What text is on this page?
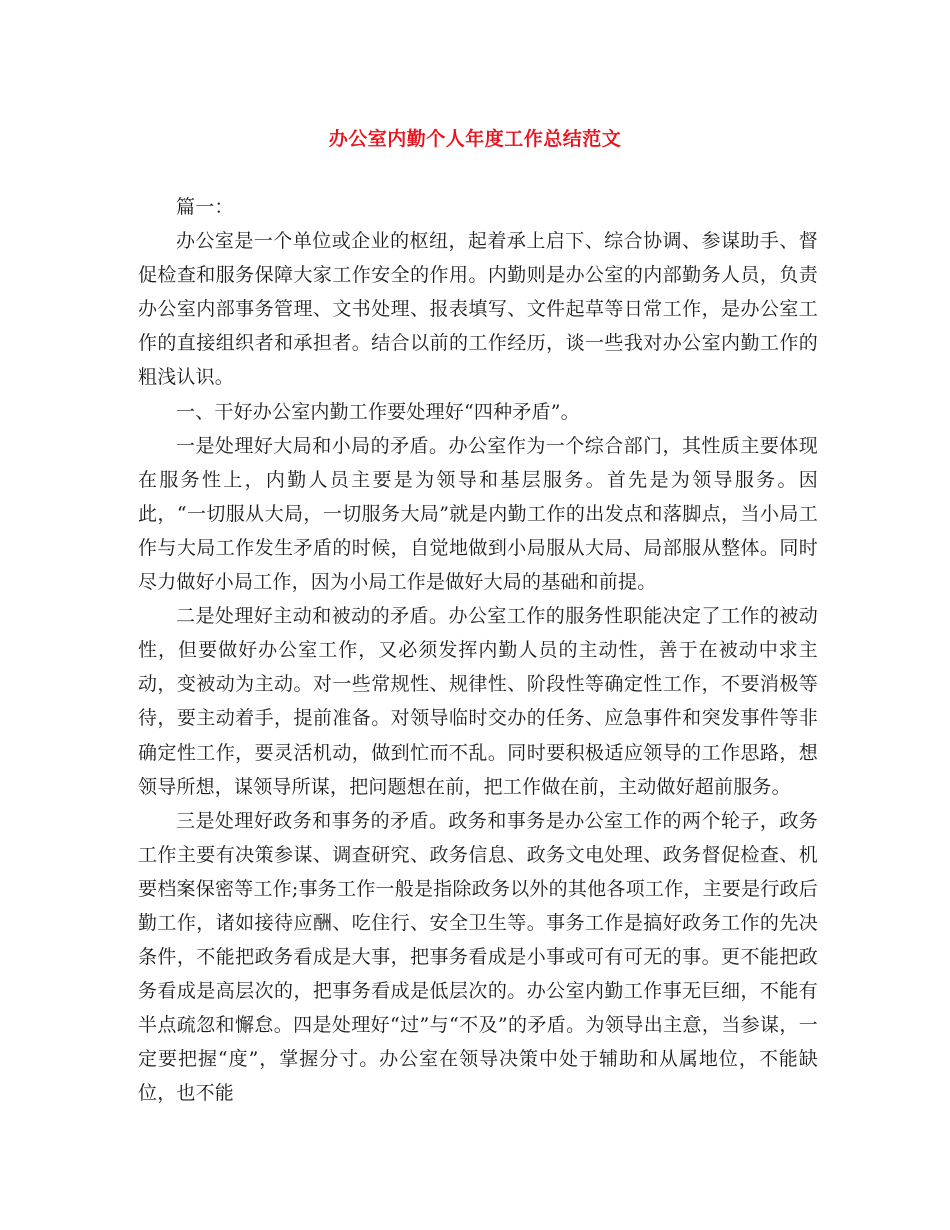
办公室内勤个人年度工作总结范文

篇一：

办公室是一个单位或企业的枢纽，起着承上启下、综合协调、参谋助手、督促检查和服务保障大家工作安全的作用。内勤则是办公室的内部勤务人员，负责办公室内部事务管理、文书处理、报表填写、文件起草等日常工作，是办公室工作的直接组织者和承担者。结合以前的工作经历，谈一些我对办公室内勤工作的粗浅认识。

一、干好办公室内勤工作要处理好“四种矛盾”。

一是处理好大局和小局的矛盾。办公室作为一个综合部门，其性质主要体现在服务性上，内勤人员主要是为领导和基层服务。首先是为领导服务。因此，“一切服从大局，一切服务大局”就是内勤工作的出发点和落脚点，当小局工作与大局工作发生矛盾的时候，自觉地做到小局服从大局、局部服从整体。同时尽力做好小局工作，因为小局工作是做好大局的基础和前提。

二是处理好主动和被动的矛盾。办公室工作的服务性职能决定了工作的被动性，但要做好办公室工作，又必须发挥内勤人员的主动性，善于在被动中求主动，变被动为主动。对一些常规性、规律性、阶段性等确定性工作，不要消极等待，要主动着手，提前准备。对领导临时交办的任务、应急事件和突发事件等非确定性工作，要灵活机动，做到忙而不乱。同时要积极适应领导的工作思路，想领导所想，谋领导所谋，把问题想在前，把工作做在前，主动做好超前服务。

三是处理好政务和事务的矛盾。政务和事务是办公室工作的两个轮子，政务工作主要有决策参谋、调查研究、政务信息、政务文电处理、政务督促检查、机要档案保密等工作;事务工作一般是指除政务以外的其他各项工作，主要是行政后勤工作，诸如接待应酬、吃住行、安全卫生等。事务工作是搞好政务工作的先决条件，不能把政务看成是大事，把事务看成是小事或可有可无的事。更不能把政务看成是高层次的，把事务看成是低层次的。办公室内勤工作事无巨细，不能有半点疏忽和懈怠。四是处理好“过”与“不及”的矛盾。为领导出主意，当参谋，一定要把握“度”，掌握分寸。办公室在领导决策中处于辅助和从属地位，不能缺位，也不能
